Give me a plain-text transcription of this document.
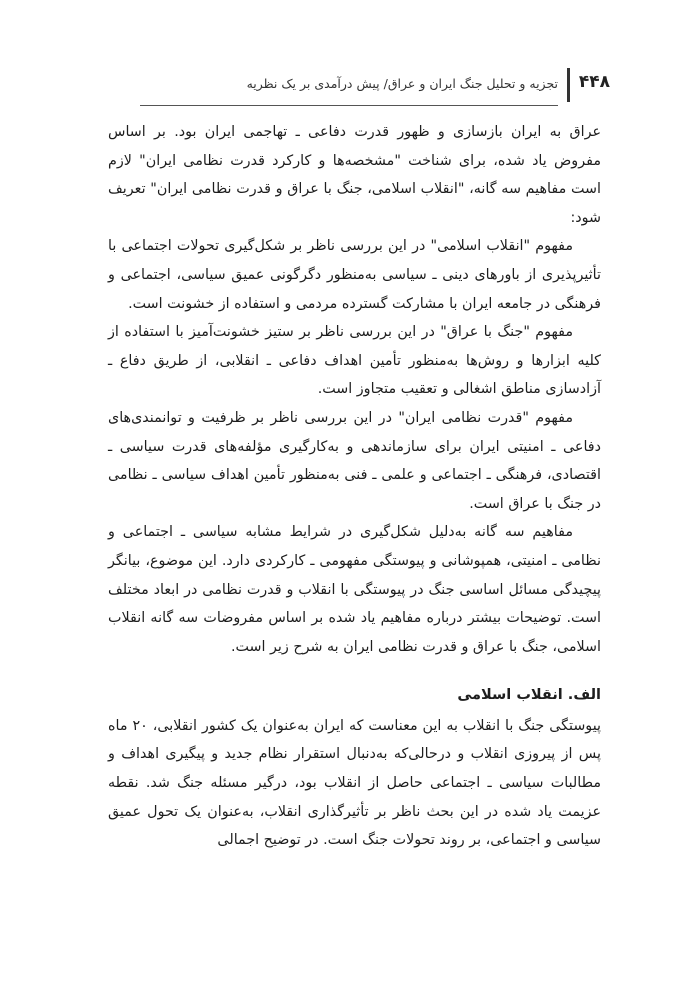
۴۴۸
تجزیه و تحلیل جنگ ایران و عراق/ پیش درآمدی بر یک نظریه

عراق به ایران بازسازی و ظهور قدرت دفاعی ـ تهاجمی ایران بود. بر اساس مفروض یاد شده، برای شناخت "مشخصه‌ها و کارکرد قدرت نظامی ایران" لازم است مفاهیم سه گانه، "انقلاب اسلامی، جنگ با عراق و قدرت نظامی ایران" تعریف شود:

مفهوم "انقلاب اسلامی" در این بررسی ناظر بر شکل‌گیری تحولات اجتماعی با تأثیرپذیری از باورهای دینی ـ سیاسی به‌منظور دگرگونی عمیق سیاسی، اجتماعی و فرهنگی در جامعه ایران با مشارکت گسترده مردمی و استفاده از خشونت است.

مفهوم "جنگ با عراق" در این بررسی ناظر بر ستیز خشونت‌آمیز با استفاده از کلیه ابزارها و روش‌ها به‌منظور تأمین اهداف دفاعی ـ انقلابی، از طریق دفاع ـ آزادسازی مناطق اشغالی و تعقیب متجاوز است.

مفهوم "قدرت نظامی ایران" در این بررسی ناظر بر ظرفیت و توانمندی‌های دفاعی ـ امنیتی ایران برای سازماندهی و به‌کارگیری مؤلفه‌های قدرت سیاسی ـ اقتصادی، فرهنگی ـ اجتماعی و علمی ـ فنی به‌منظور تأمین اهداف سیاسی ـ نظامی در جنگ با عراق است.

مفاهیم سه گانه به‌دلیل شکل‌گیری در شرایط مشابه سیاسی ـ اجتماعی و نظامی ـ امنیتی، همپوشانی و پیوستگی مفهومی ـ کارکردی دارد. این موضوع، بیانگر پیچیدگی مسائل اساسی جنگ در پیوستگی با انقلاب و قدرت نظامی در ابعاد مختلف است. توضیحات بیشتر درباره مفاهیم یاد شده بر اساس مفروضات سه گانه انقلاب اسلامی، جنگ با عراق و قدرت نظامی ایران به شرح زیر است.

الف. انقلاب اسلامی

پیوستگی جنگ با انقلاب به این معناست که ایران به‌عنوان یک کشور انقلابی، ۲۰ ماه پس از پیروزی انقلاب و درحالی‌که به‌دنبال استقرار نظام جدید و پیگیری اهداف و مطالبات سیاسی ـ اجتماعی حاصل از انقلاب بود، درگیر مسئله جنگ شد. نقطه عزیمت یاد شده در این بحث ناظر بر تأثیرگذاری انقلاب، به‌عنوان یک تحول عمیق سیاسی و اجتماعی، بر روند تحولات جنگ است. در توضیح اجمالی
